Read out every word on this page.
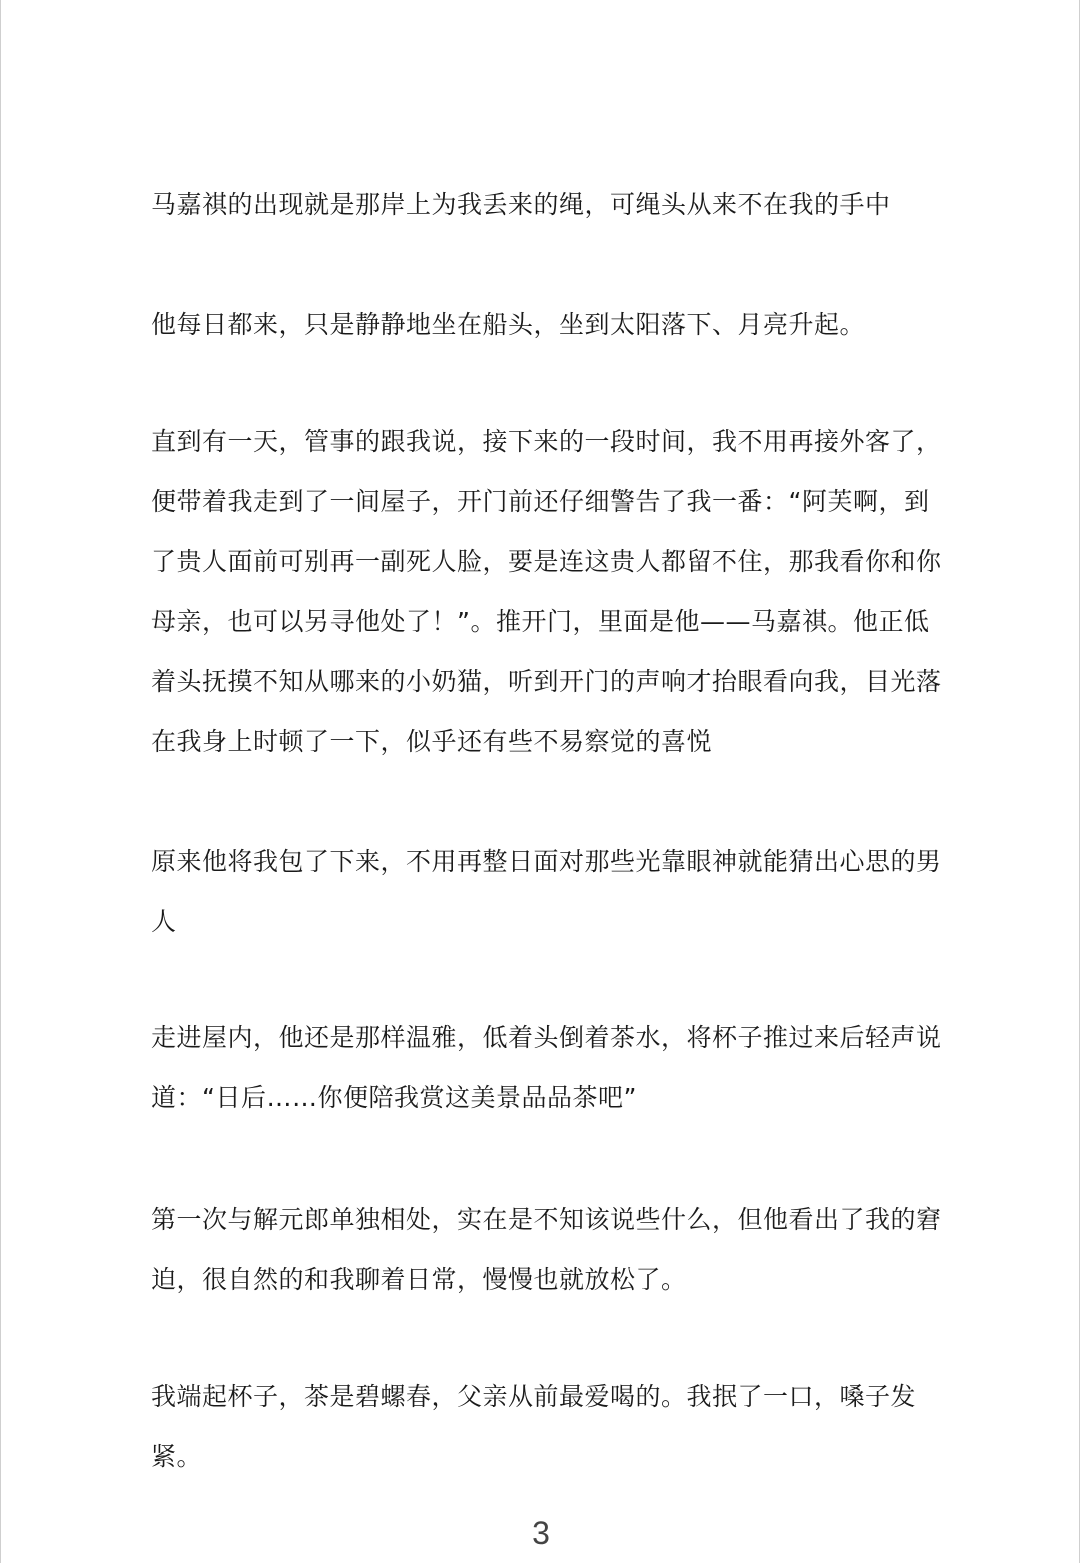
马嘉祺的出现就是那岸上为我丢来的绳，可绳头从来不在我的手中

他每日都来，只是静静地坐在船头，坐到太阳落下、月亮升起。

直到有一天，管事的跟我说，接下来的一段时间，我不用再接外客了，便带着我走到了一间屋子，开门前还仔细警告了我一番：“阿芙啊，到了贵人面前可别再一副死人脸，要是连这贵人都留不住，那我看你和你母亲，也可以另寻他处了！”。推开门，里面是他——马嘉祺。他正低着头抚摸不知从哪来的小奶猫，听到开门的声响才抬眼看向我，目光落在我身上时顿了一下，似乎还有些不易察觉的喜悦

原来他将我包了下来，不用再整日面对那些光靠眼神就能猜出心思的男人

走进屋内，他还是那样温雅，低着头倒着茶水，将杯子推过来后轻声说道：“日后……你便陪我赏这美景品品茶吧”

第一次与解元郎单独相处，实在是不知该说些什么，但他看出了我的窘迫，很自然的和我聊着日常，慢慢也就放松了。

我端起杯子，茶是碧螺春，父亲从前最爱喝的。我抿了一口，嗓子发紧。

3
